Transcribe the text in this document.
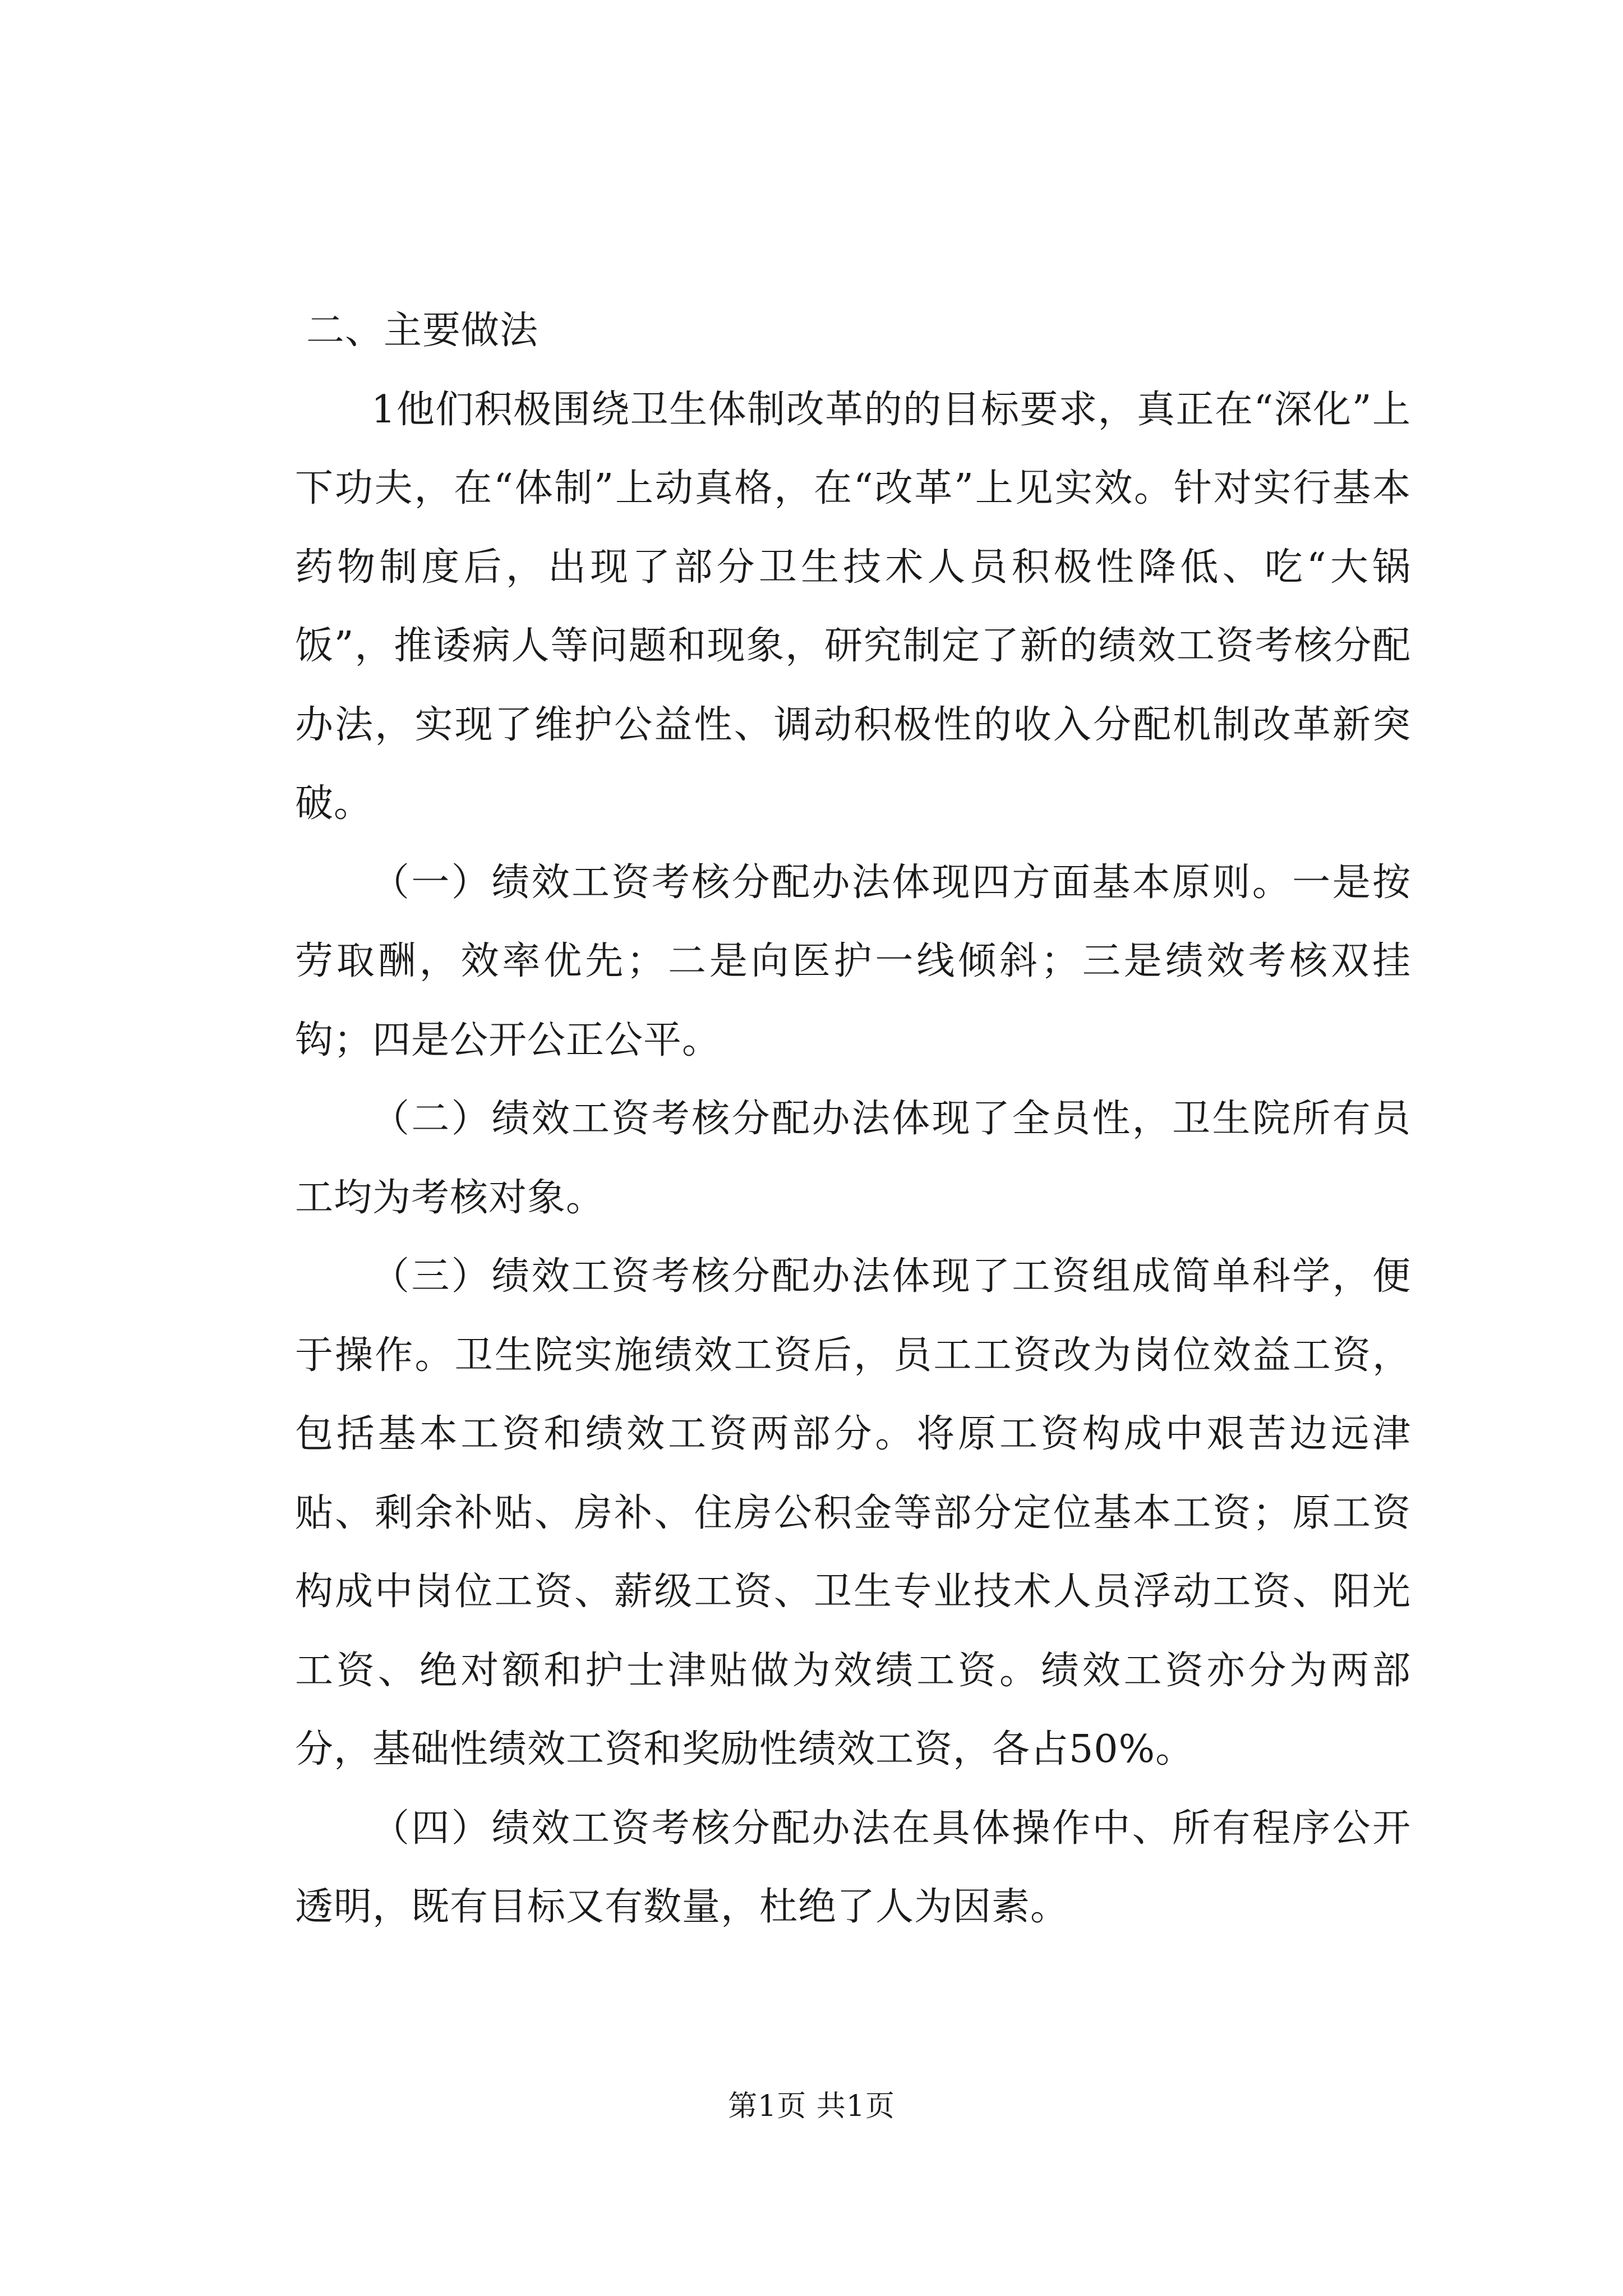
二、主要做法

1他们积极围绕卫生体制改革的的目标要求，真正在“深化”上下功夫，在“体制”上动真格，在“改革”上见实效。针对实行基本药物制度后，出现了部分卫生技术人员积极性降低、吃“大锅饭”，推诿病人等问题和现象，研究制定了新的绩效工资考核分配办法，实现了维护公益性、调动积极性的收入分配机制改革新突破。

（一）绩效工资考核分配办法体现四方面基本原则。一是按劳取酬，效率优先；二是向医护一线倾斜；三是绩效考核双挂钩；四是公开公正公平。

（二）绩效工资考核分配办法体现了全员性，卫生院所有员工均为考核对象。

（三）绩效工资考核分配办法体现了工资组成简单科学，便于操作。卫生院实施绩效工资后，员工工资改为岗位效益工资，包括基本工资和绩效工资两部分。将原工资构成中艰苦边远津贴、剩余补贴、房补、住房公积金等部分定位基本工资；原工资构成中岗位工资、薪级工资、卫生专业技术人员浮动工资、阳光工资、绝对额和护士津贴做为效绩工资。绩效工资亦分为两部分，基础性绩效工资和奖励性绩效工资，各占50%。

（四）绩效工资考核分配办法在具体操作中、所有程序公开透明，既有目标又有数量，杜绝了人为因素。

第1页 共1页
